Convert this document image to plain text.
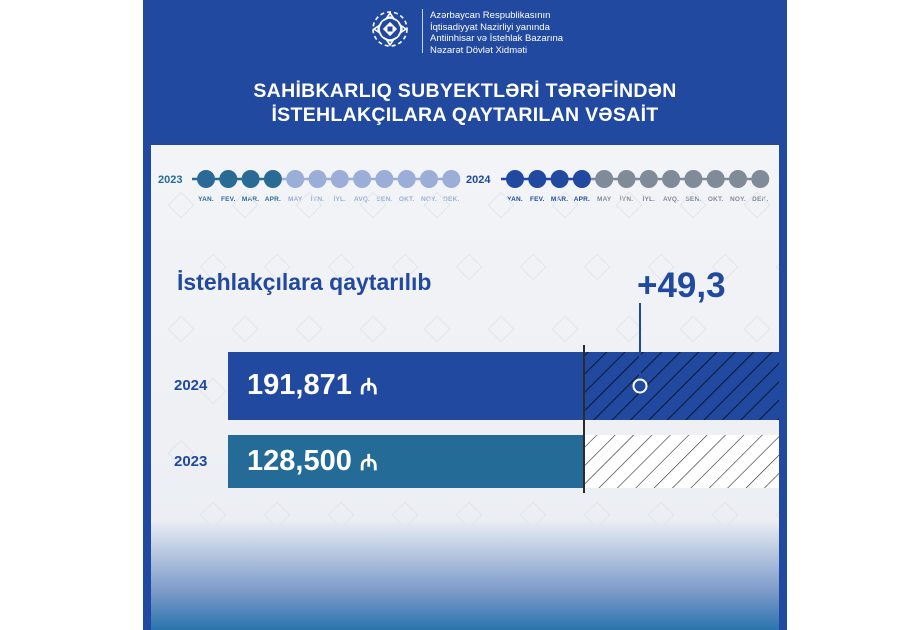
Azərbaycan Respublikasının
İqtisadiyyat Nazirliyi yanında
Antiinhisar və İstehlak Bazarına
Nəzarət Dövlət Xidməti
SAHİBKARLIQ SUBYEKTLƏRİ TƏRƏFİNDƏN
İSTEHLAKÇILARA QAYTARILAN VƏSAİT
2023	2024
YAN. FEV. MAR. APR. MAY İYN. İYL. AVQ. SEN. OKT. NOY. DEK.	YAN. FEV. MAR. APR. MAY İYN. İYL. AVQ. SEN. OKT. NOY. DEK.
İstehlakçılara qaytarılıb	+49,3
2024
2023
191,871 ₼
128,500 ₼
